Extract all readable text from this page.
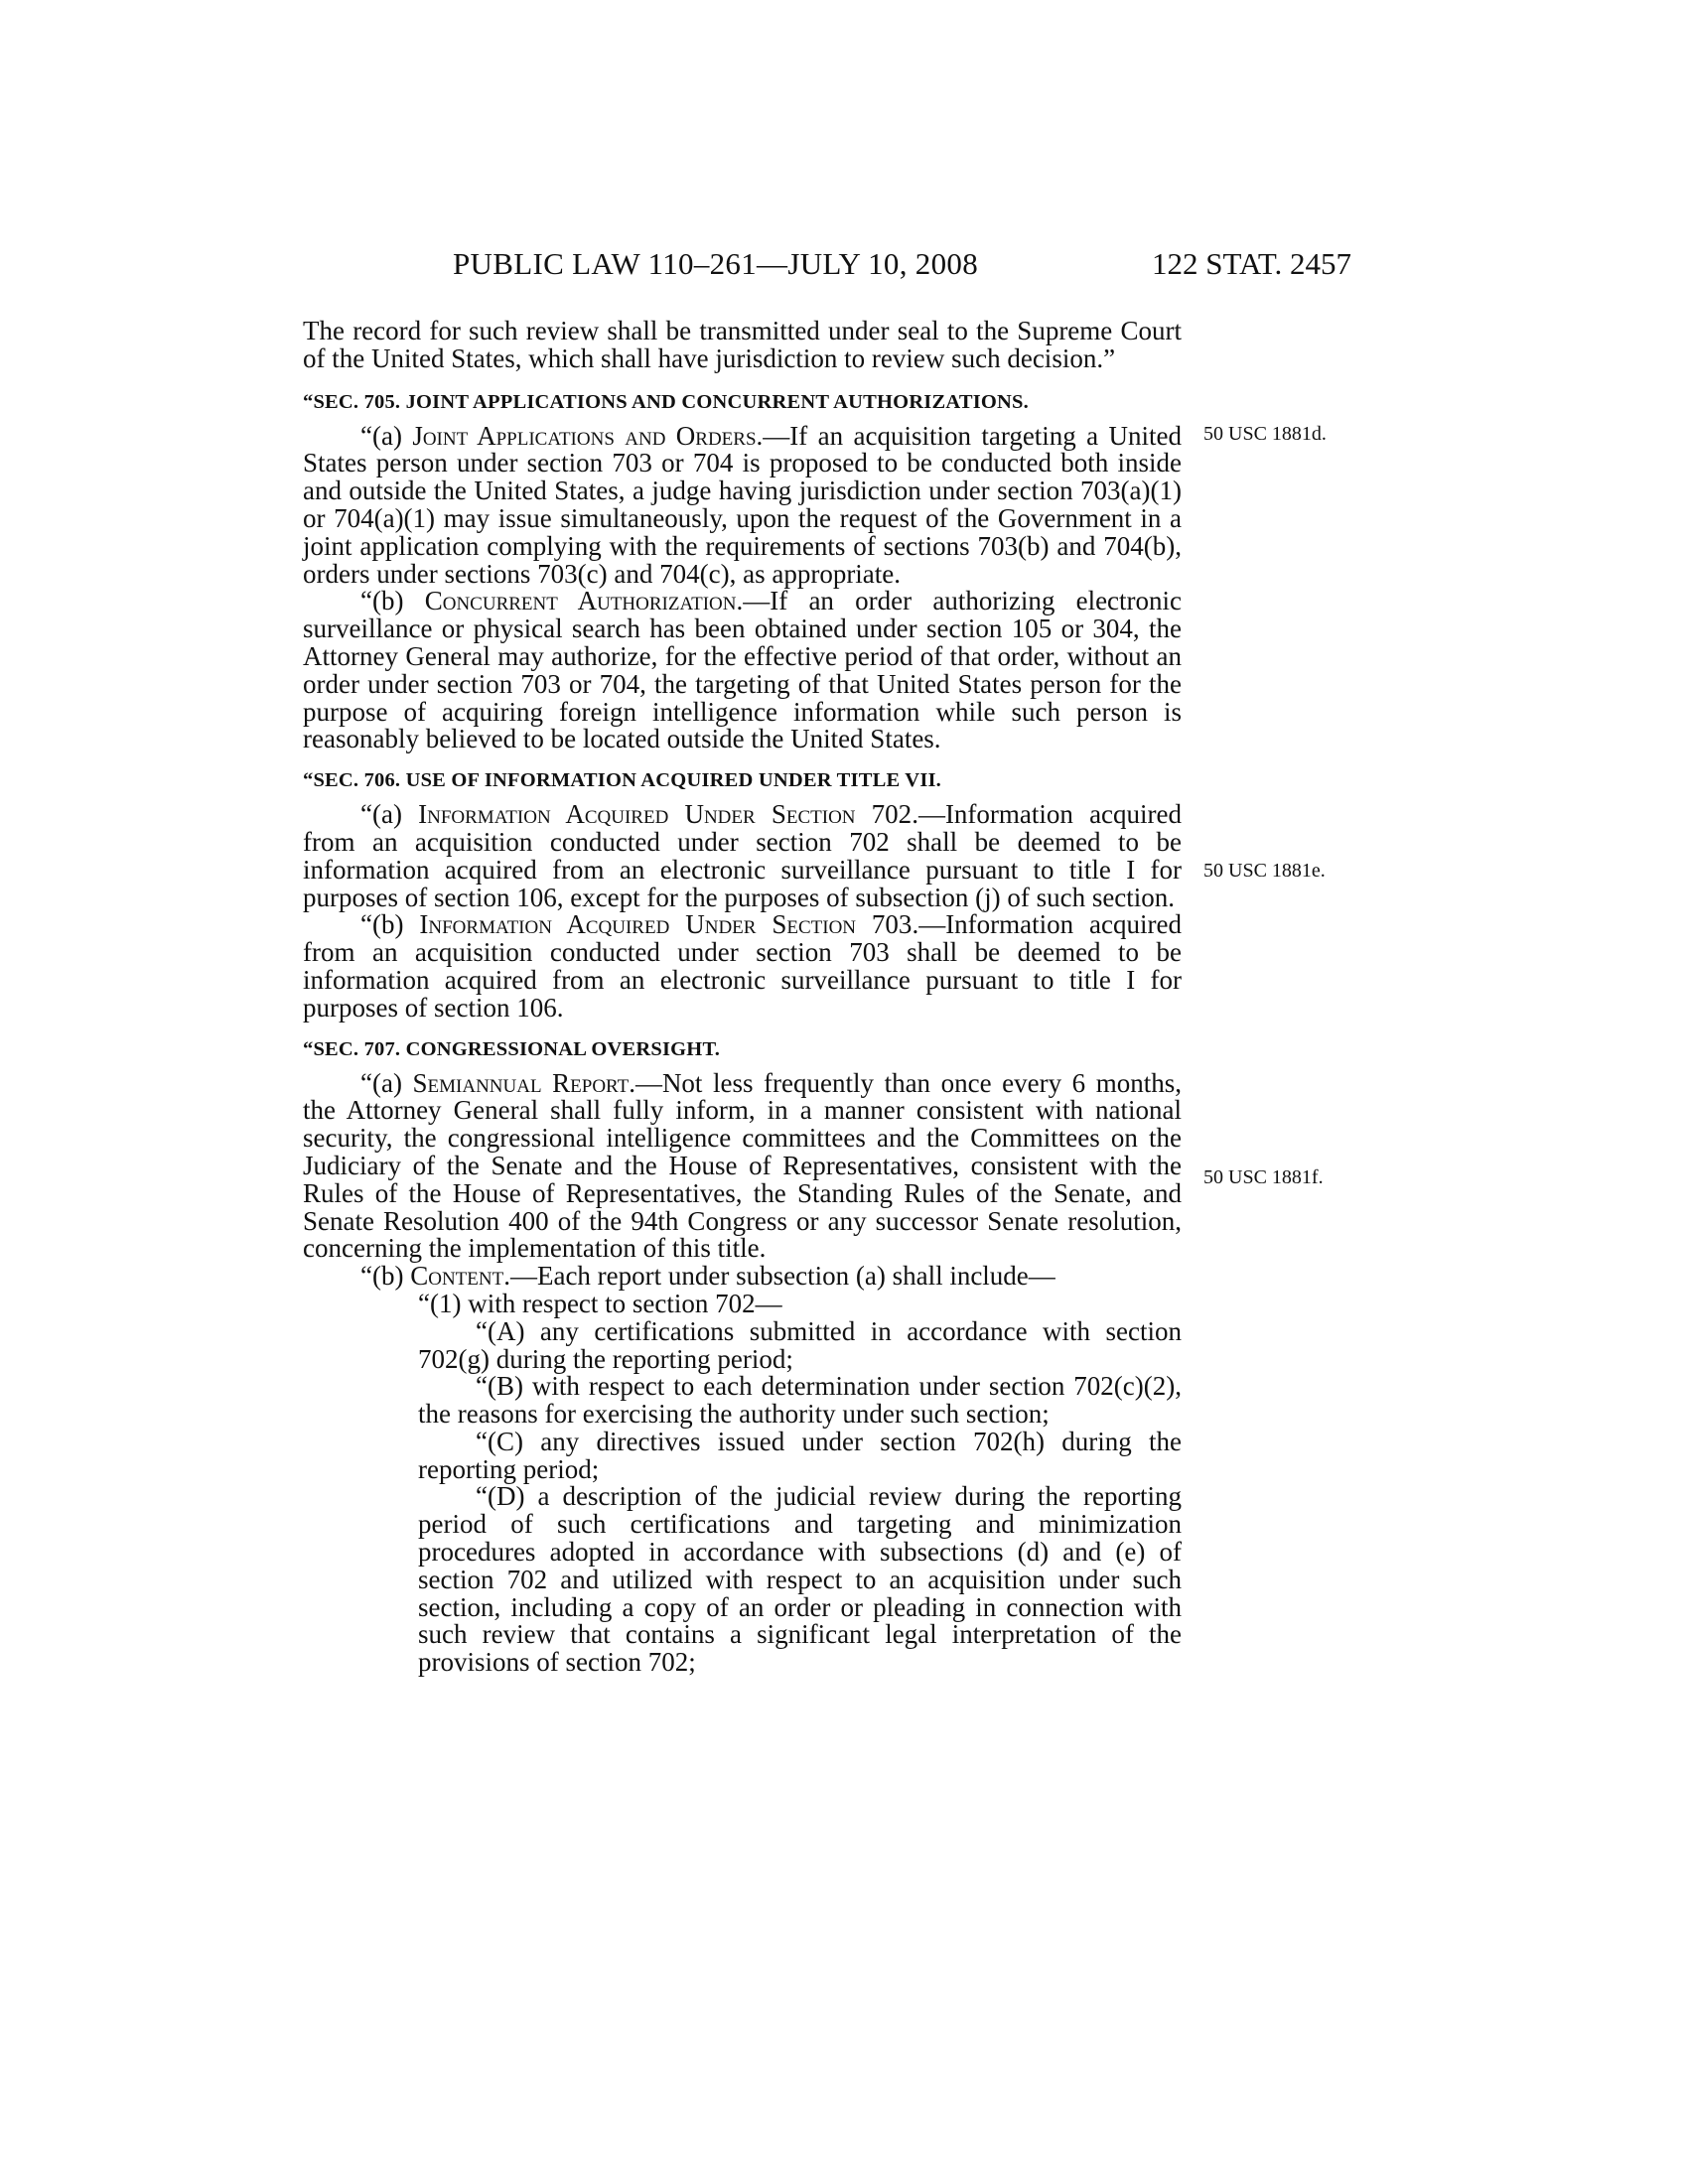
PUBLIC LAW 110–261—JULY 10, 2008	122 STAT. 2457
50 USC 1881d.
50 USC 1881e.
50 USC 1881f.

The record for such review shall be transmitted under seal to the Supreme Court of the United States, which shall have jurisdiction to review such decision.”

“SEC. 705. JOINT APPLICATIONS AND CONCURRENT AUTHORIZATIONS.

“(a) Joint Applications and Orders.—If an acquisition targeting a United States person under section 703 or 704 is proposed to be conducted both inside and outside the United States, a judge having jurisdiction under section 703(a)(1) or 704(a)(1) may issue simultaneously, upon the request of the Government in a joint application complying with the requirements of sections 703(b) and 704(b), orders under sections 703(c) and 704(c), as appropriate.

“(b) Concurrent Authorization.—If an order authorizing electronic surveillance or physical search has been obtained under section 105 or 304, the Attorney General may authorize, for the effective period of that order, without an order under section 703 or 704, the targeting of that United States person for the purpose of acquiring foreign intelligence information while such person is reasonably believed to be located outside the United States.

“SEC. 706. USE OF INFORMATION ACQUIRED UNDER TITLE VII.

“(a) Information Acquired Under Section 702.—Information acquired from an acquisition conducted under section 702 shall be deemed to be information acquired from an electronic surveillance pursuant to title I for purposes of section 106, except for the purposes of subsection (j) of such section.

“(b) Information Acquired Under Section 703.—Information acquired from an acquisition conducted under section 703 shall be deemed to be information acquired from an electronic surveillance pursuant to title I for purposes of section 106.

“SEC. 707. CONGRESSIONAL OVERSIGHT.

“(a) Semiannual Report.—Not less frequently than once every 6 months, the Attorney General shall fully inform, in a manner consistent with national security, the congressional intelligence committees and the Committees on the Judiciary of the Senate and the House of Representatives, consistent with the Rules of the House of Representatives, the Standing Rules of the Senate, and Senate Resolution 400 of the 94th Congress or any successor Senate resolution, concerning the implementation of this title.

“(b) Content.—Each report under subsection (a) shall include—

“(1) with respect to section 702—

“(A) any certifications submitted in accordance with section 702(g) during the reporting period;

“(B) with respect to each determination under section 702(c)(2), the reasons for exercising the authority under such section;

“(C) any directives issued under section 702(h) during the reporting period;

“(D) a description of the judicial review during the reporting period of such certifications and targeting and minimization procedures adopted in accordance with subsections (d) and (e) of section 702 and utilized with respect to an acquisition under such section, including a copy of an order or pleading in connection with such review that contains a significant legal interpretation of the provisions of section 702;
